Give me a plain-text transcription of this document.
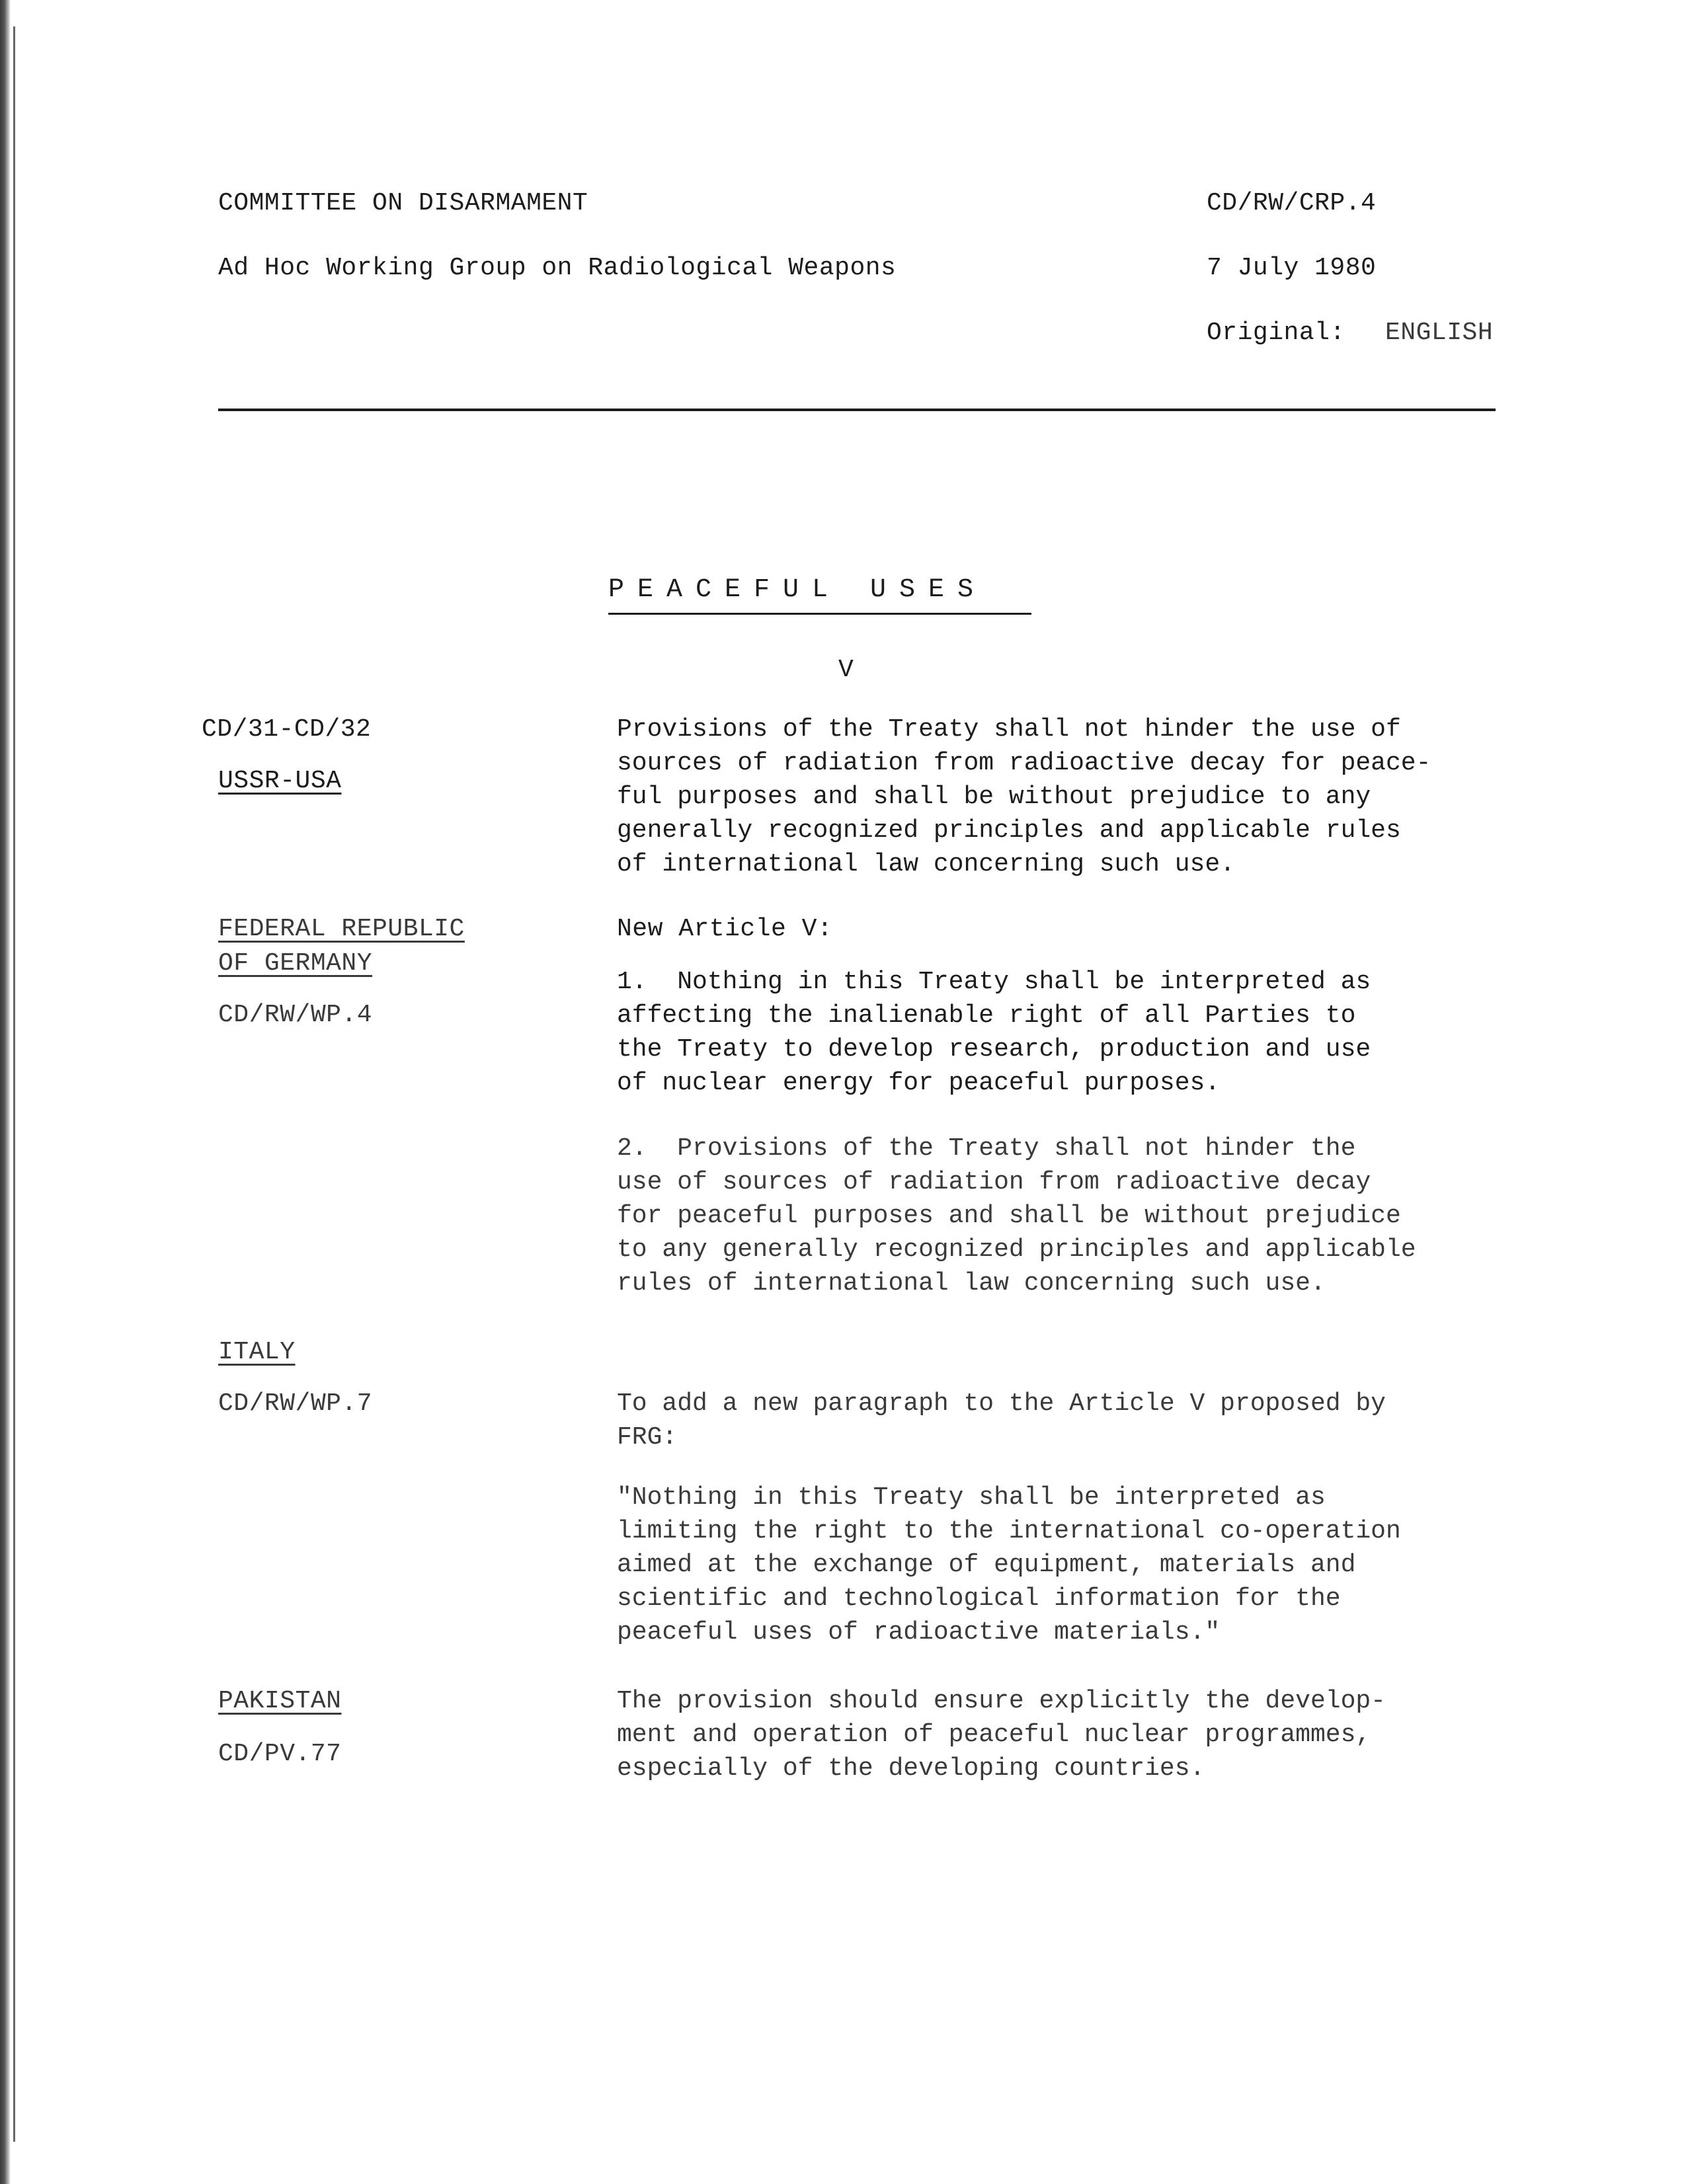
COMMITTEE ON DISARMAMENT
Ad Hoc Working Group on Radiological Weapons
CD/RW/CRP.4
7 July 1980
Original: ENGLISH
PEACEFUL USES
V
CD/31-CD/32
USSR-USA
Provisions of the Treaty shall not hinder the use of
sources of radiation from radioactive decay for peace-
ful purposes and shall be without prejudice to any
generally recognized principles and applicable rules
of international law concerning such use.
FEDERAL REPUBLIC
OF GERMANY
CD/RW/WP.4
New Article V:
1.  Nothing in this Treaty shall be interpreted as
affecting the inalienable right of all Parties to
the Treaty to develop research, production and use
of nuclear energy for peaceful purposes.
2.  Provisions of the Treaty shall not hinder the
use of sources of radiation from radioactive decay
for peaceful purposes and shall be without prejudice
to any generally recognized principles and applicable
rules of international law concerning such use.
ITALY
CD/RW/WP.7	To add a new paragraph to the Article V proposed by
FRG:
"Nothing in this Treaty shall be interpreted as
limiting the right to the international co-operation
aimed at the exchange of equipment, materials and
scientific and technological information for the
peaceful uses of radioactive materials."
PAKISTAN
CD/PV.77
The provision should ensure explicitly the develop-
ment and operation of peaceful nuclear programmes,
especially of the developing countries.
